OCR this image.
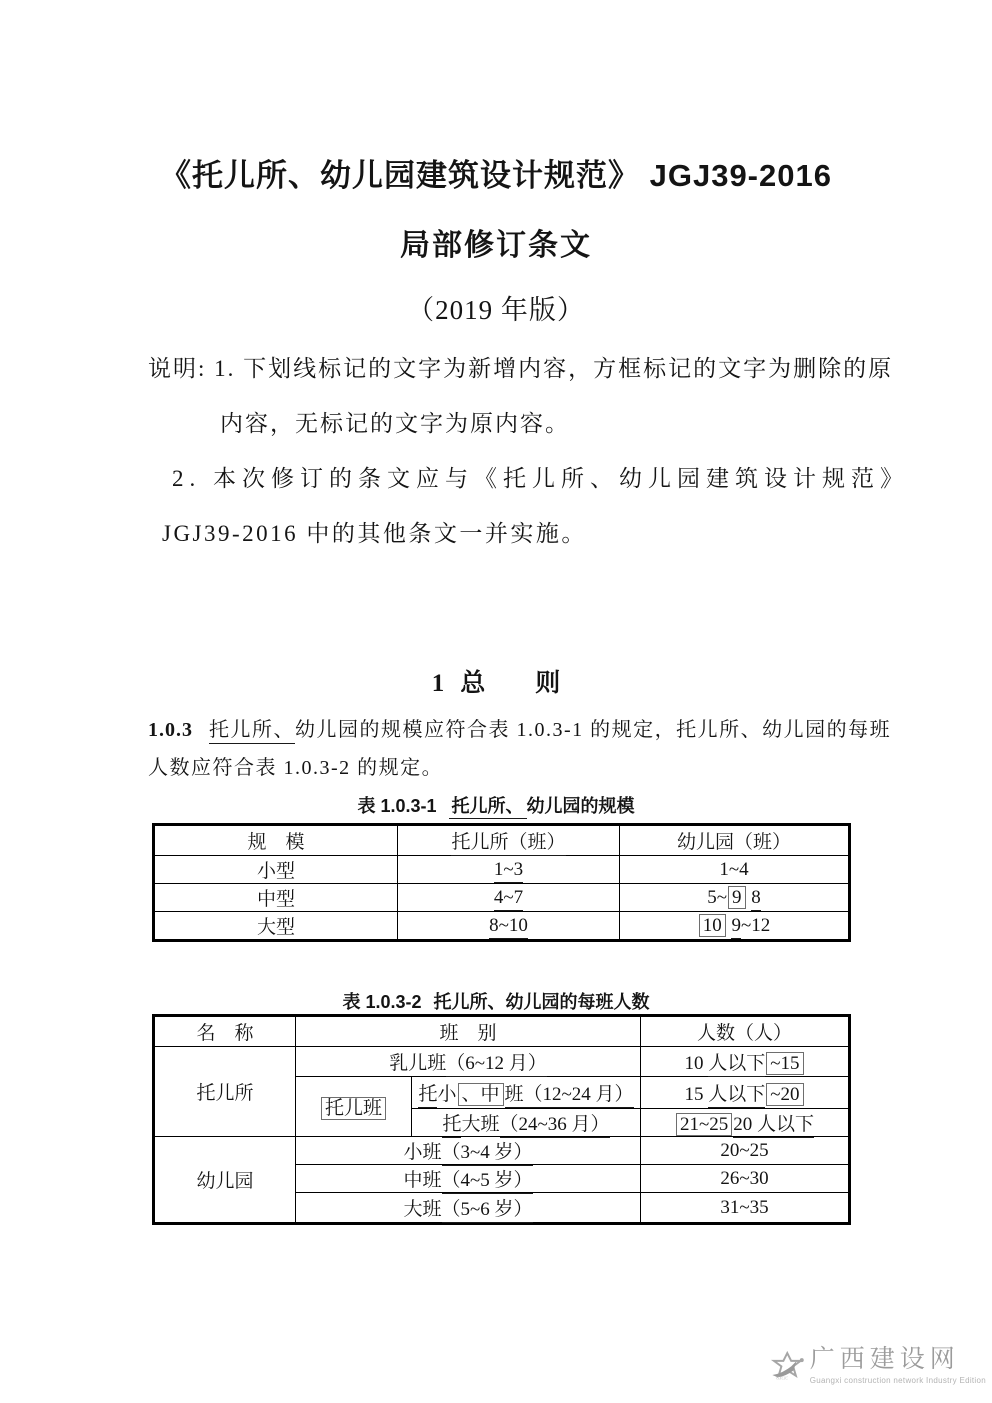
《托儿所、幼儿园建筑设计规范》 JGJ39-2016
局部修订条文
（2019 年版）
说明: 1. 下划线标记的文字为新增内容，方框标记的文字为删除的原
内容，无标记的文字为原内容。
2. 本次修订的条文应与《托儿所、幼儿园建筑设计规范》
JGJ39-2016 中的其他条文一并实施。
1 总　　则
1.0.3 托儿所、幼儿园的规模应符合表 1.0.3-1 的规定，托儿所、幼儿园的每班
人数应符合表 1.0.3-2 的规定。
表 1.0.3-1 托儿所、 幼儿园的规模
规　模	托儿所（班）	幼儿园（班）
小型	1~3	1~4
中型	4~7	5~ 9 8
大型	8~10	10 9~12
表 1.0.3-2 托儿所、幼儿园的每班人数
名　称	班　别		人数（人）
托儿所	乳儿班（6~12 月）		10 人以下 ~15
	托儿班	托小 、中 班（12~24 月）	15 人以下 ~20
		托大班（24~36 月）	21~25 20 人以下
幼儿园	小班（3~4 岁）		20~25
	中班（4~5 岁）		26~30
	大班（5~6 岁）		31~35
GXCIC
广西建设网
Guangxi construction network Industry Edition
